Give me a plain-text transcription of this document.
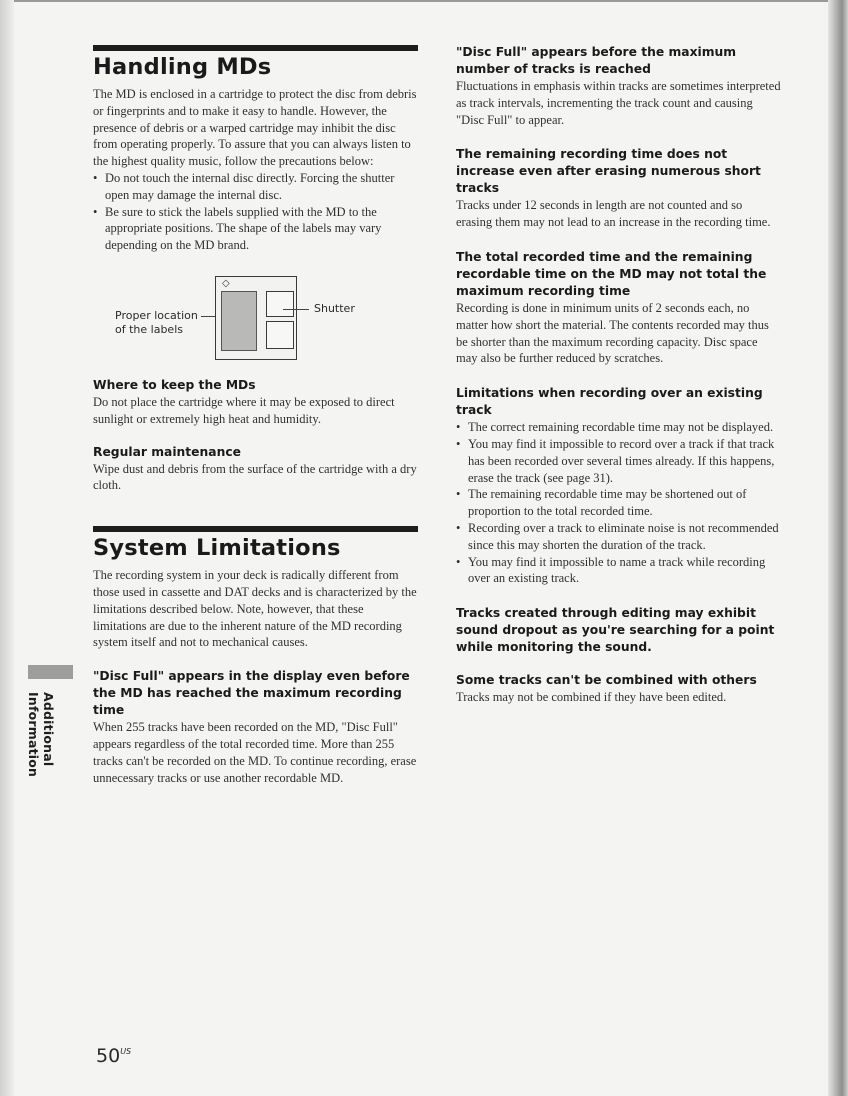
Handling MDs

The MD is enclosed in a cartridge to protect the disc from debris or fingerprints and to make it easy to handle. However, the presence of debris or a warped cartridge may inhibit the disc from operating properly. To assure that you can always listen to the highest quality music, follow the precautions below:

• Do not touch the internal disc directly. Forcing the shutter open may damage the internal disc.
• Be sure to stick the labels supplied with the MD to the appropriate positions. The shape of the labels may vary depending on the MD brand.
Proper location
of the labels
◇
Shutter

Where to keep the MDs

Do not place the cartridge where it may be exposed to direct sunlight or extremely high heat and humidity.

Regular maintenance

Wipe dust and debris from the surface of the cartridge with a dry cloth.

System Limitations

The recording system in your deck is radically different from those used in cassette and DAT decks and is characterized by the limitations described below. Note, however, that these limitations are due to the inherent nature of the MD recording system itself and not to mechanical causes.

"Disc Full" appears in the display even before the MD has reached the maximum recording time

When 255 tracks have been recorded on the MD, "Disc Full" appears regardless of the total recorded time. More than 255 tracks can't be recorded on the MD. To continue recording, erase unnecessary tracks or use another recordable MD.

"Disc Full" appears before the maximum number of tracks is reached

Fluctuations in emphasis within tracks are sometimes interpreted as track intervals, incrementing the track count and causing "Disc Full" to appear.

The remaining recording time does not increase even after erasing numerous short tracks

Tracks under 12 seconds in length are not counted and so erasing them may not lead to an increase in the recording time.

The total recorded time and the remaining recordable time on the MD may not total the maximum recording time

Recording is done in minimum units of 2 seconds each, no matter how short the material. The contents recorded may thus be shorter than the maximum recording capacity. Disc space may also be further reduced by scratches.

Limitations when recording over an existing track

• The correct remaining recordable time may not be displayed.
• You may find it impossible to record over a track if that track has been recorded over several times already. If this happens, erase the track (see page 31).
• The remaining recordable time may be shortened out of proportion to the total recorded time.
• Recording over a track to eliminate noise is not recommended since this may shorten the duration of the track.
• You may find it impossible to name a track while recording over an existing track.

Tracks created through editing may exhibit sound dropout as you're searching for a point while monitoring the sound.

Some tracks can't be combined with others

Tracks may not be combined if they have been edited.

Additional Information
$50^{US}$
